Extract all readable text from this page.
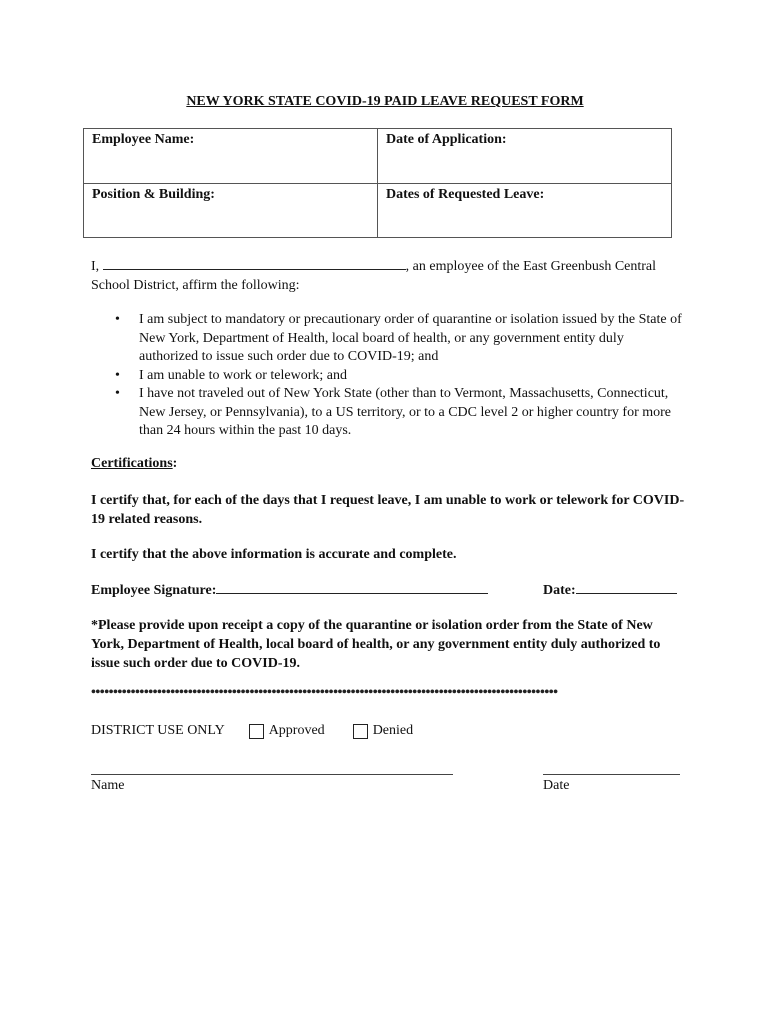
NEW YORK STATE COVID-19 PAID LEAVE REQUEST FORM
Employee Name:	Date of Application:
Position & Building:	Dates of Requested Leave:
I,	, an employee of the East Greenbush Central School District, affirm the following:
• I am subject to mandatory or precautionary order of quarantine or isolation issued by the State of New York, Department of Health, local board of health, or any government entity duly authorized to issue such order due to COVID-19; and
• I am unable to work or telework; and
• I have not traveled out of New York State (other than to Vermont, Massachusetts, Connecticut, New Jersey, or Pennsylvania), to a US territory, or to a CDC level 2 or higher country for more than 24 hours within the past 10 days.
Certifications:
I certify that, for each of the days that I request leave, I am unable to work or telework for COVID-19 related reasons.
I certify that the above information is accurate and complete.
Employee Signature:	Date:
*Please provide upon receipt a copy of the quarantine or isolation order from the State of New York, Department of Health, local board of health, or any government entity duly authorized to issue such order due to COVID-19.
••••••••••••••••••••••••••••••••••••••••••••••••••••••••••••••••••••••••••••••••••••••••••••••••••••••••••
DISTRICT USE ONLY	Approved	Denied
Name	Date
